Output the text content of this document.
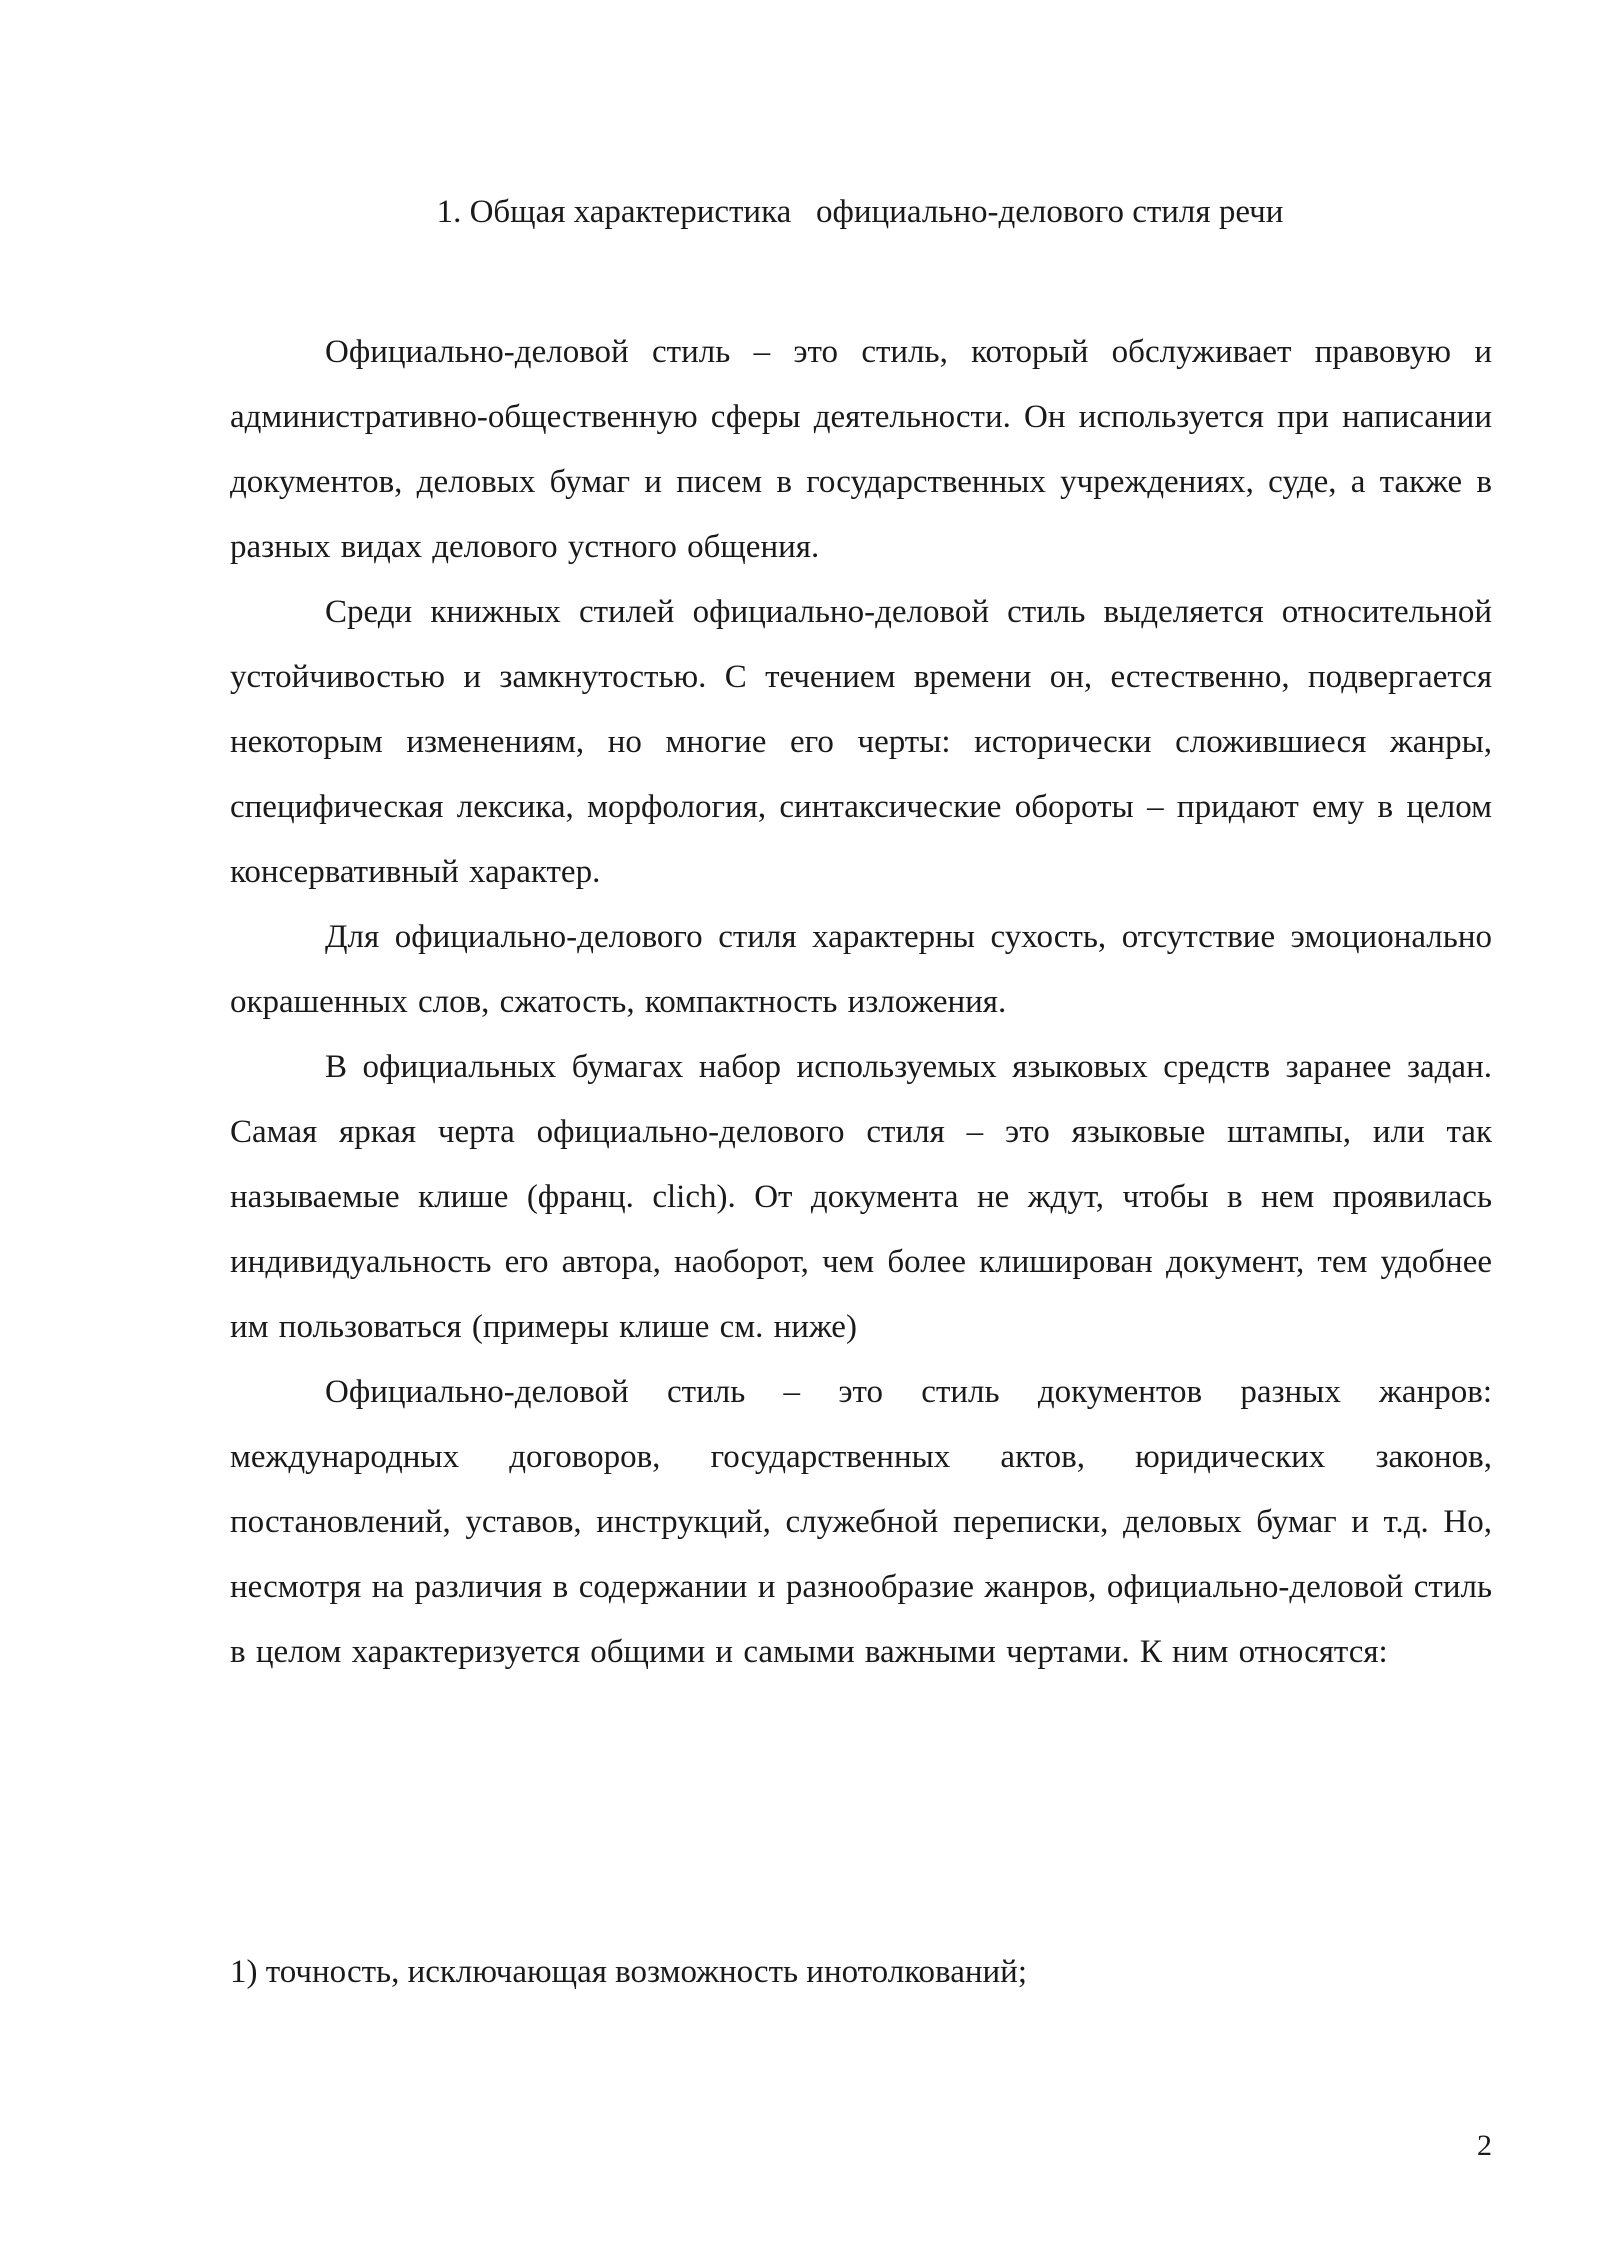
1. Общая характеристика   официально-делового стиля речи

Официально-деловой стиль – это стиль, который обслуживает правовую и административно-общественную сферы деятельности. Он используется при написании документов, деловых бумаг и писем в государственных учреждениях, суде, а также в разных видах делового устного общения.

Среди книжных стилей официально-деловой стиль выделяется относительной устойчивостью и замкнутостью. С течением времени он, естественно, подвергается некоторым изменениям, но многие его черты: исторически сложившиеся жанры, специфическая лексика, морфология, синтаксические обороты – придают ему в целом консервативный характер.

Для официально-делового стиля характерны сухость, отсутствие эмоционально окрашенных слов, сжатость, компактность изложения.

В официальных бумагах набор используемых языковых средств заранее задан. Самая яркая черта официально-делового стиля – это языковые штампы, или так называемые клише (франц. clich). От документа не ждут, чтобы в нем проявилась индивидуальность его автора, наоборот, чем более клиширован документ, тем удобнее им пользоваться (примеры клише см. ниже)

Официально-деловой стиль – это стиль документов разных жанров: международных договоров, государственных актов, юридических законов, постановлений, уставов, инструкций, служебной переписки, деловых бумаг и т.д. Но, несмотря на различия в содержании и разнообразие жанров, официально-деловой стиль в целом характеризуется общими и самыми важными чертами. К ним относятся:

1) точность, исключающая возможность инотолкований;

2
